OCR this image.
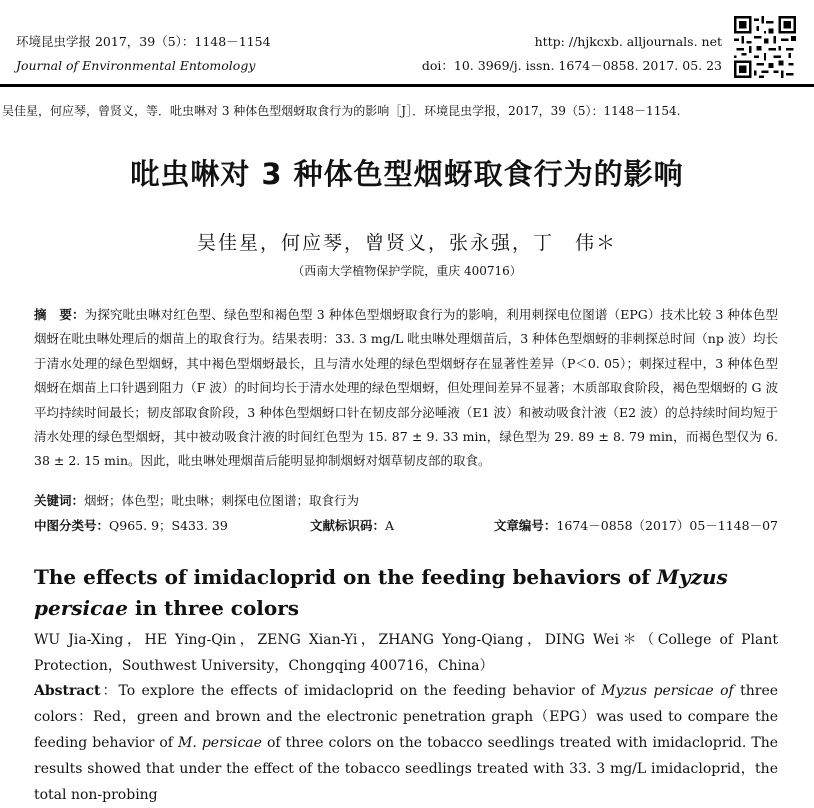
环境昆虫学报 2017，39（5）：1148－1154
Journal of Environmental Entomology
http: //hjkcxb. alljournals. net
doi：10. 3969/j. issn. 1674－0858. 2017. 05. 23
吴佳星，何应琴，曾贤义，等．吡虫啉对 3 种体色型烟蚜取食行为的影响［J］．环境昆虫学报，2017，39（5）：1148－1154.
吡虫啉对 3 种体色型烟蚜取食行为的影响
吴佳星，何应琴，曾贤义，张永强，丁　伟＊
（西南大学植物保护学院，重庆 400716）
摘　要：为探究吡虫啉对红色型、绿色型和褐色型 3 种体色型烟蚜取食行为的影响，利用刺探电位图谱（EPG）技术比较 3 种体色型烟蚜在吡虫啉处理后的烟苗上的取食行为。结果表明：33. 3 mg/L 吡虫啉处理烟苗后，3 种体色型烟蚜的非刺探总时间（np 波）均长于清水处理的绿色型烟蚜，其中褐色型烟蚜最长，且与清水处理的绿色型烟蚜存在显著性差异（P＜0. 05）；刺探过程中，3 种体色型烟蚜在烟苗上口针遇到阻力（F 波）的时间均长于清水处理的绿色型烟蚜，但处理间差异不显著；木质部取食阶段，褐色型烟蚜的 G 波平均持续时间最长；韧皮部取食阶段，3 种体色型烟蚜口针在韧皮部分泌唾液（E1 波）和被动吸食汁液（E2 波）的总持续时间均短于清水处理的绿色型烟蚜，其中被动吸食汁液的时间红色型为 15. 87 ± 9. 33 min，绿色型为 29. 89 ± 8. 79 min，而褐色型仅为 6. 38 ± 2. 15 min。因此，吡虫啉处理烟苗后能明显抑制烟蚜对烟草韧皮部的取食。
关键词：烟蚜；体色型；吡虫啉；刺探电位图谱；取食行为
中图分类号：Q965. 9；S433. 39	文献标识码：A	文章编号：1674－0858（2017）05－1148－07
The effects of imidacloprid on the feeding behaviors of Myzus persicae in three colors
WU Jia-Xing，HE Ying-Qin，ZENG Xian-Yi，ZHANG Yong-Qiang，DING Wei＊（College of Plant Protection，Southwest University，Chongqing 400716，China）
Abstract：To explore the effects of imidacloprid on the feeding behavior of Myzus persicae of three colors：Red，green and brown and the electronic penetration graph（EPG）was used to compare the feeding behavior of M. persicae of three colors on the tobacco seedlings treated with imidacloprid. The results showed that under the effect of the tobacco seedlings treated with 33. 3 mg/L imidacloprid，the total non-probing
